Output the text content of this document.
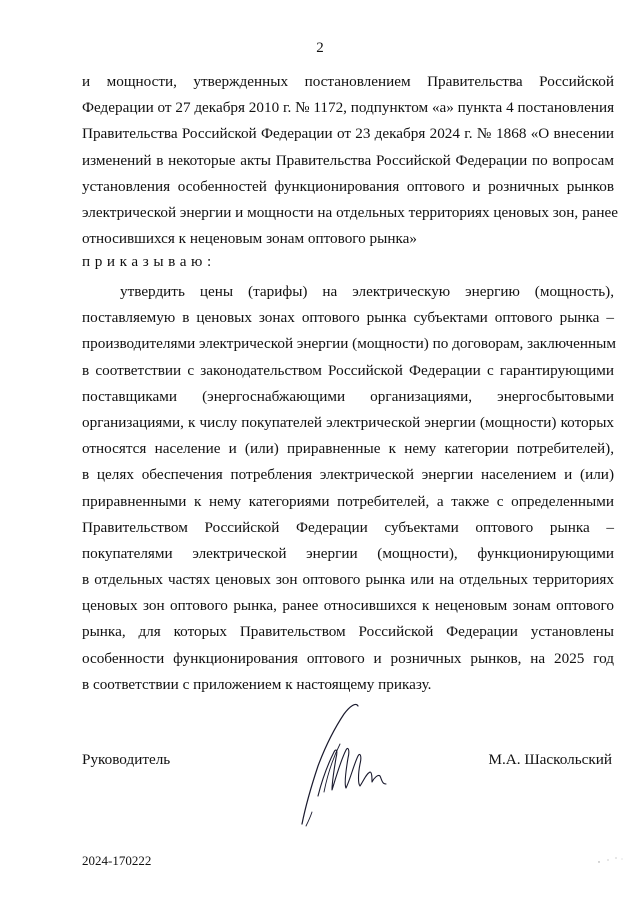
2
и мощности, утвержденных постановлением Правительства Российской
Федерации от 27 декабря 2010 г. № 1172, подпунктом «а» пункта 4 постановления
Правительства Российской Федерации от 23 декабря 2024 г. № 1868 «О внесении
изменений в некоторые акты Правительства Российской Федерации по вопросам
установления особенностей функционирования оптового и розничных рынков
электрической энергии и мощности на отдельных территориях ценовых зон, ранее
относившихся к неценовым зонам оптового рынка»
приказываю:
утвердить цены (тарифы) на электрическую энергию (мощность),
поставляемую в ценовых зонах оптового рынка субъектами оптового рынка –
производителями электрической энергии (мощности) по договорам, заключенным
в соответствии с законодательством Российской Федерации с гарантирующими
поставщиками (энергоснабжающими организациями, энергосбытовыми
организациями, к числу покупателей электрической энергии (мощности) которых
относятся население и (или) приравненные к нему категории потребителей),
в целях обеспечения потребления электрической энергии населением и (или)
приравненными к нему категориями потребителей, а также с определенными
Правительством Российской Федерации субъектами оптового рынка –
покупателями электрической энергии (мощности), функционирующими
в отдельных частях ценовых зон оптового рынка или на отдельных территориях
ценовых зон оптового рынка, ранее относившихся к неценовым зонам оптового
рынка, для которых Правительством Российской Федерации установлены
особенности функционирования оптового и розничных рынков, на 2025 год
в соответствии с приложением к настоящему приказу.
Руководитель	М.А. Шаскольский
2024-170222
